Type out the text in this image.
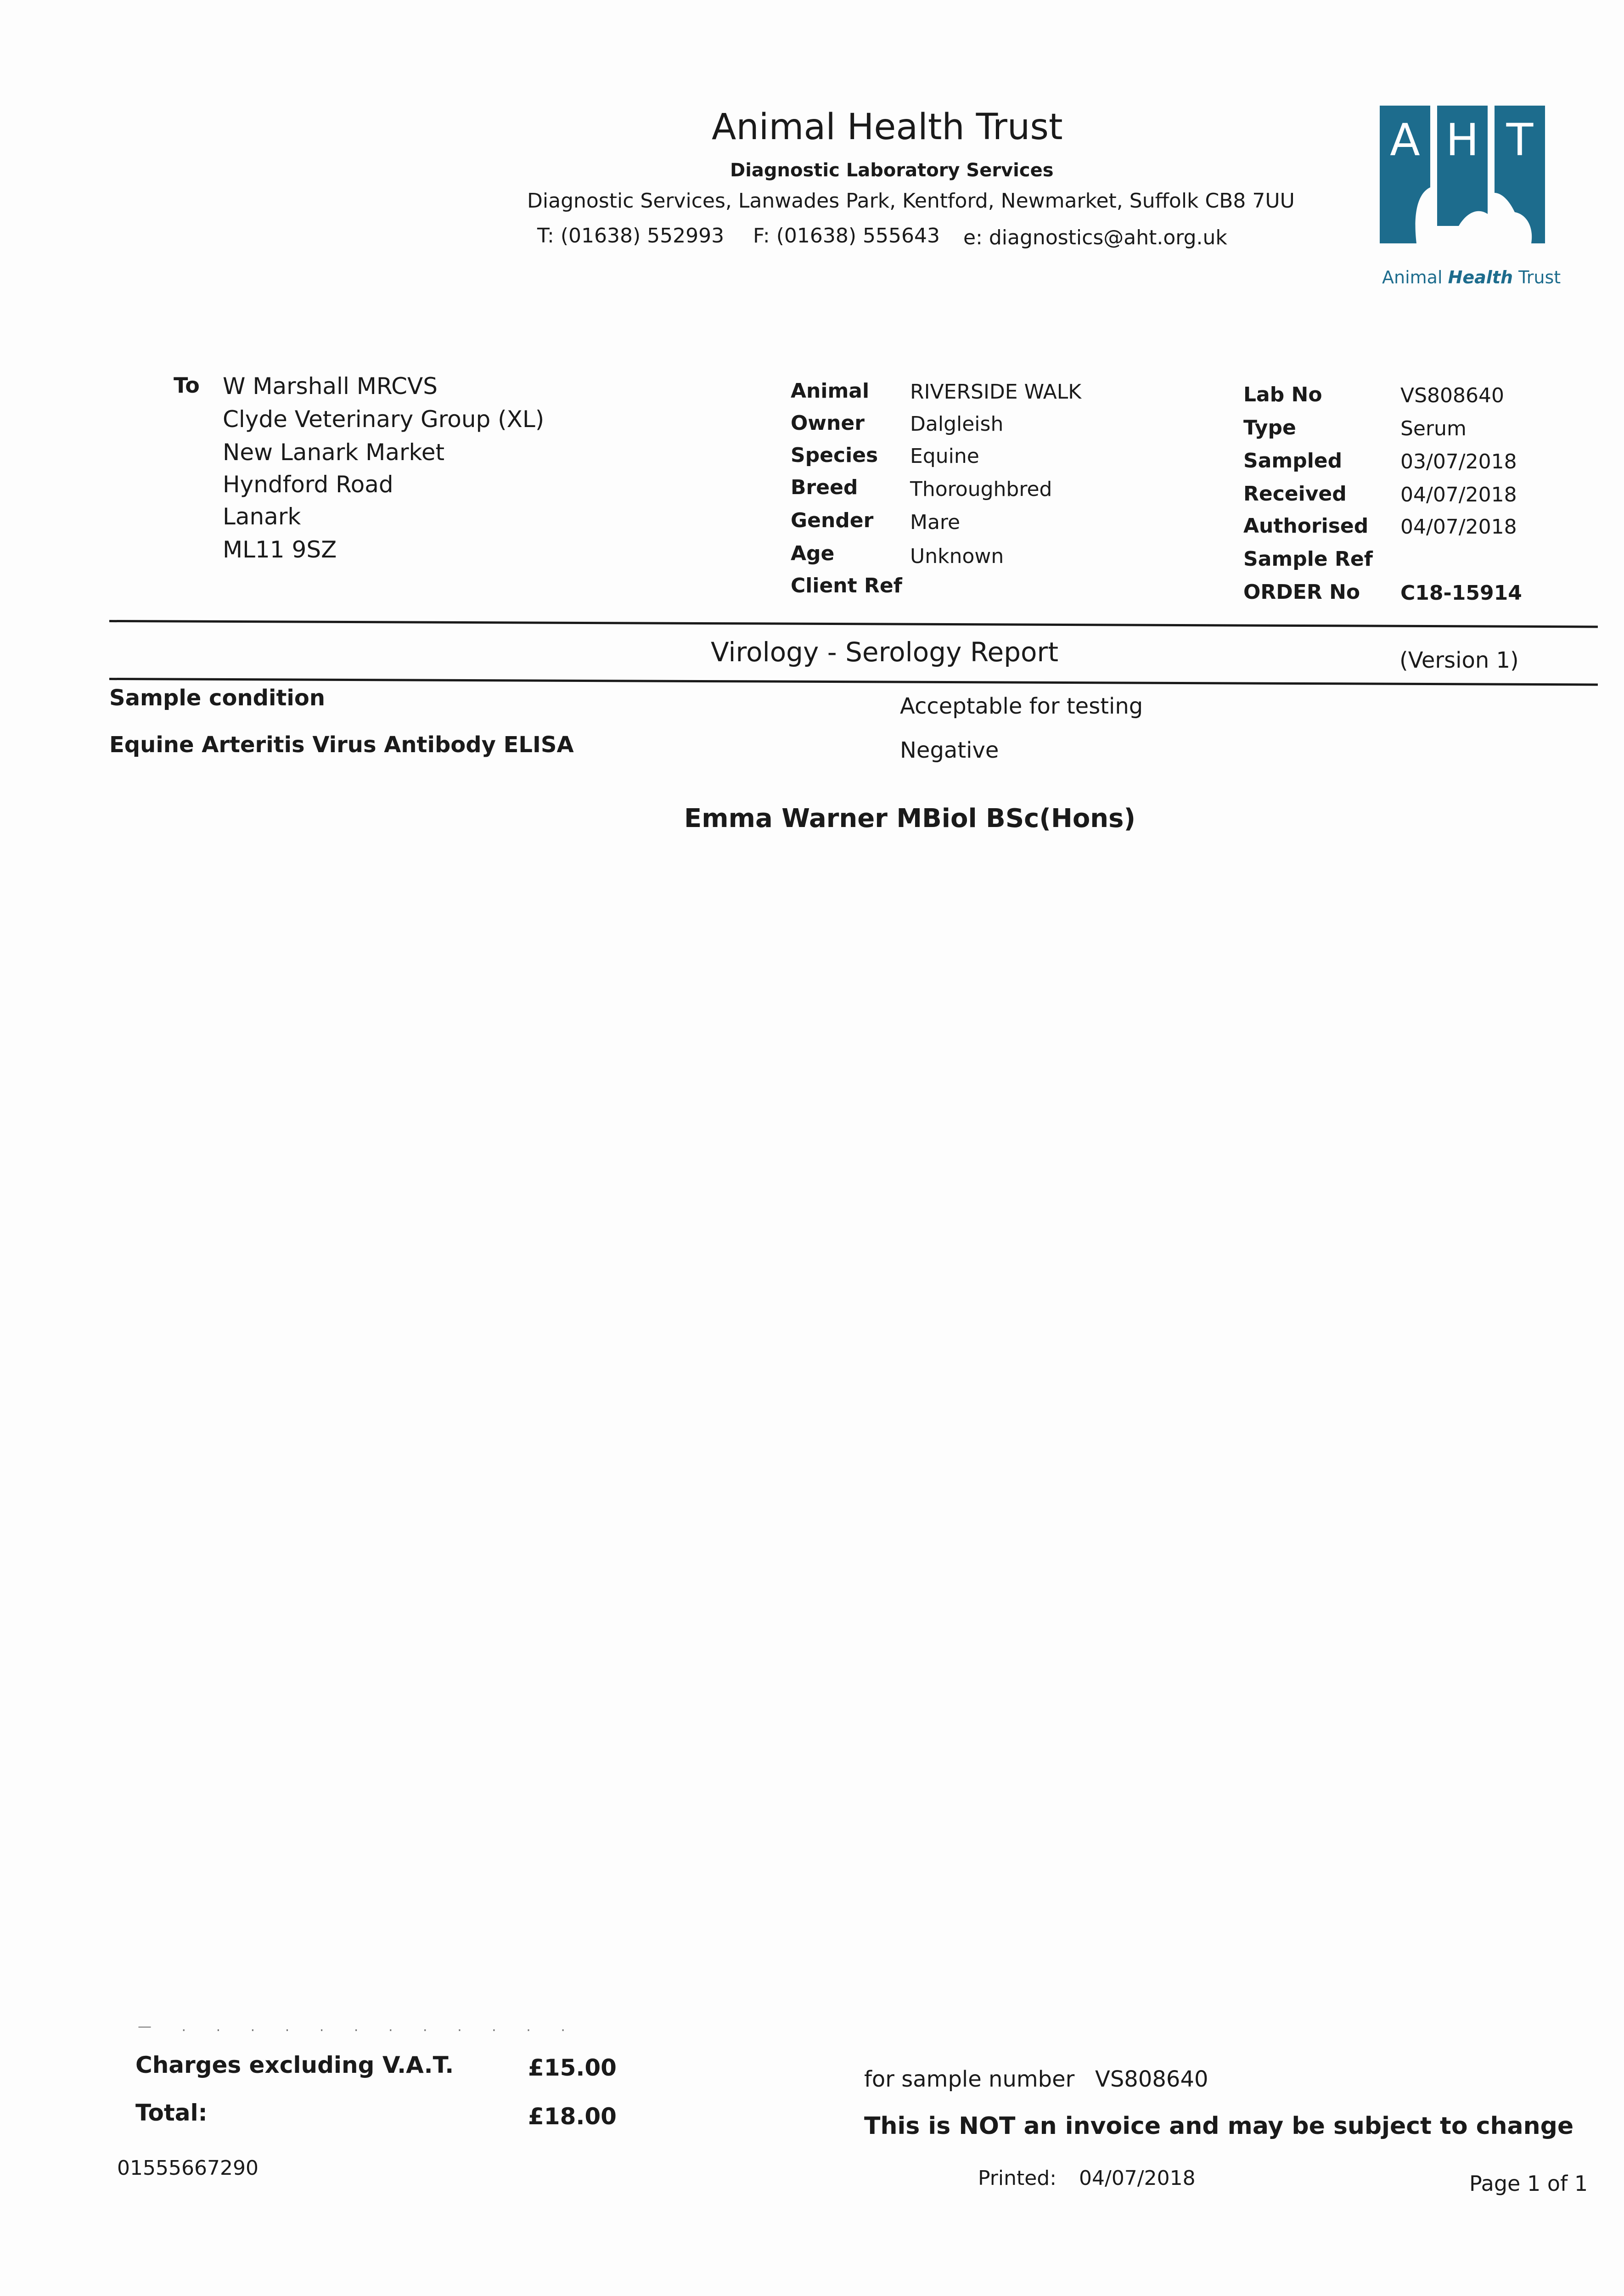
Animal Health Trust
Diagnostic Laboratory Services
Diagnostic Services, Lanwades Park, Kentford, Newmarket, Suffolk CB8 7UU
T: (01638) 552993 F: (01638) 555643 e: diagnostics@aht.org.uk
A H T
Animal Health Trust
To W Marshall MRCVS
Clyde Veterinary Group (XL)
New Lanark Market
Hyndford Road
Lanark
ML11 9SZ
Animal RIVERSIDE WALK
Owner Dalgleish
Species Equine
Breed	Thoroughbred
Gender Mare
Age	Unknown
Client Ref
Lab No	VS808640
Type	Serum
Sampled	03/07/2018
Received	04/07/2018
Authorised 04/07/2018
Sample Ref
ORDER No C18-15914
Virology - Serology Report	(Version 1)
Sample condition	Acceptable for testing
Equine Arteritis Virus Antibody ELISA	Negative
Emma Warner MBiol BSc(Hons)
— . . . . . . . . . . . .
Charges excluding V.A.T.	£15.00
Total:	£18.00
for sample number VS808640
This is NOT an invoice and may be subject to change
01555667290	Printed: 04/07/2018	Page 1 of 1
